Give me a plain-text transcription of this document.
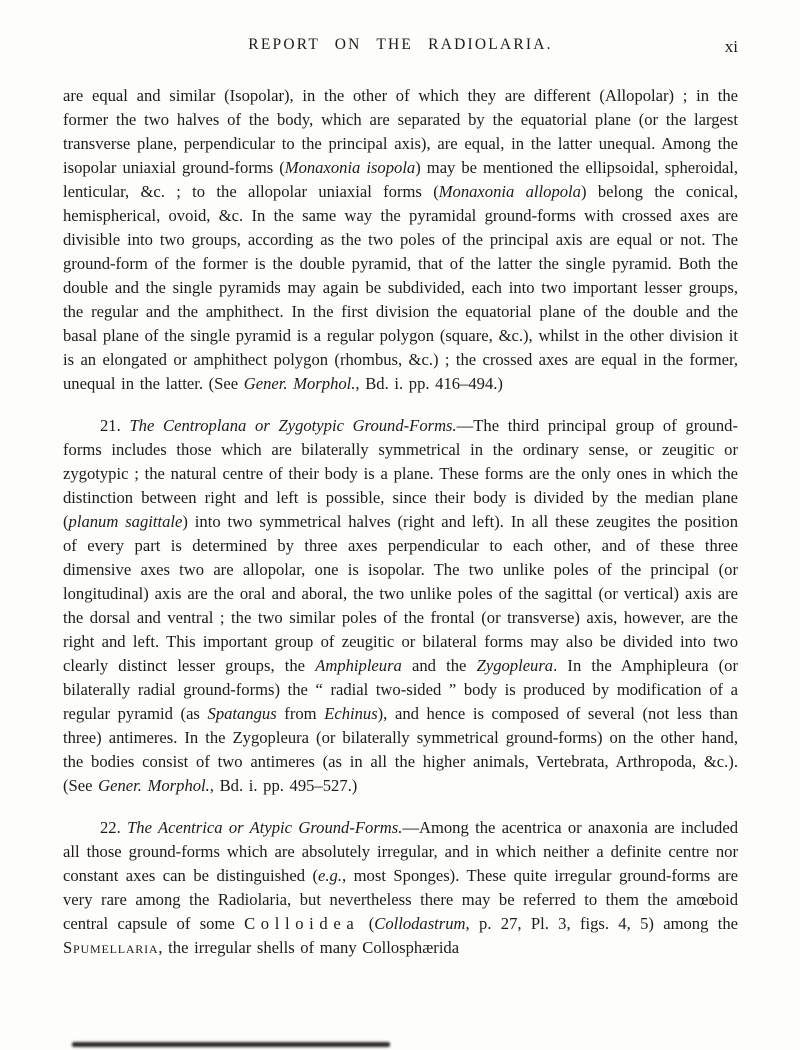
REPORT ON THE RADIOLARIA.	xi

are equal and similar (Isopolar), in the other of which they are different (Allopolar) ; in the former the two halves of the body, which are separated by the equatorial plane (or the largest transverse plane, perpendicular to the principal axis), are equal, in the latter unequal. Among the isopolar uniaxial ground-forms (Monaxonia isopola) may be mentioned the ellipsoidal, spheroidal, lenticular, &c. ; to the allopolar uniaxial forms (Monaxonia allopola) belong the conical, hemispherical, ovoid, &c. In the same way the pyramidal ground-forms with crossed axes are divisible into two groups, according as the two poles of the principal axis are equal or not. The ground-form of the former is the double pyramid, that of the latter the single pyramid. Both the double and the single pyramids may again be subdivided, each into two important lesser groups, the regular and the amphithect. In the first division the equatorial plane of the double and the basal plane of the single pyramid is a regular polygon (square, &c.), whilst in the other division it is an elongated or amphithect polygon (rhombus, &c.) ; the crossed axes are equal in the former, unequal in the latter. (See Gener. Morphol., Bd. i. pp. 416–494.)

21. The Centroplana or Zygotypic Ground-Forms.—The third principal group of ground-forms includes those which are bilaterally symmetrical in the ordinary sense, or zeugitic or zygotypic ; the natural centre of their body is a plane. These forms are the only ones in which the distinction between right and left is possible, since their body is divided by the median plane (planum sagittale) into two symmetrical halves (right and left). In all these zeugites the position of every part is determined by three axes perpendicular to each other, and of these three dimensive axes two are allopolar, one is isopolar. The two unlike poles of the principal (or longitudinal) axis are the oral and aboral, the two unlike poles of the sagittal (or vertical) axis are the dorsal and ventral ; the two similar poles of the frontal (or transverse) axis, however, are the right and left. This important group of zeugitic or bilateral forms may also be divided into two clearly distinct lesser groups, the Amphipleura and the Zygopleura. In the Amphipleura (or bilaterally radial ground-forms) the “ radial two-sided ” body is produced by modification of a regular pyramid (as Spatangus from Echinus), and hence is composed of several (not less than three) antimeres. In the Zygopleura (or bilaterally symmetrical ground-forms) on the other hand, the bodies consist of two antimeres (as in all the higher animals, Vertebrata, Arthropoda, &c.). (See Gener. Morphol., Bd. i. pp. 495–527.)

22. The Acentrica or Atypic Ground-Forms.—Among the acentrica or anaxonia are included all those ground-forms which are absolutely irregular, and in which neither a definite centre nor constant axes can be distinguished (e.g., most Sponges). These quite irregular ground-forms are very rare among the Radiolaria, but nevertheless there may be referred to them the amœboid central capsule of some Colloidea (Collodastrum, p. 27, Pl. 3, figs. 4, 5) among the Spumellaria, the irregular shells of many Collosphærida
